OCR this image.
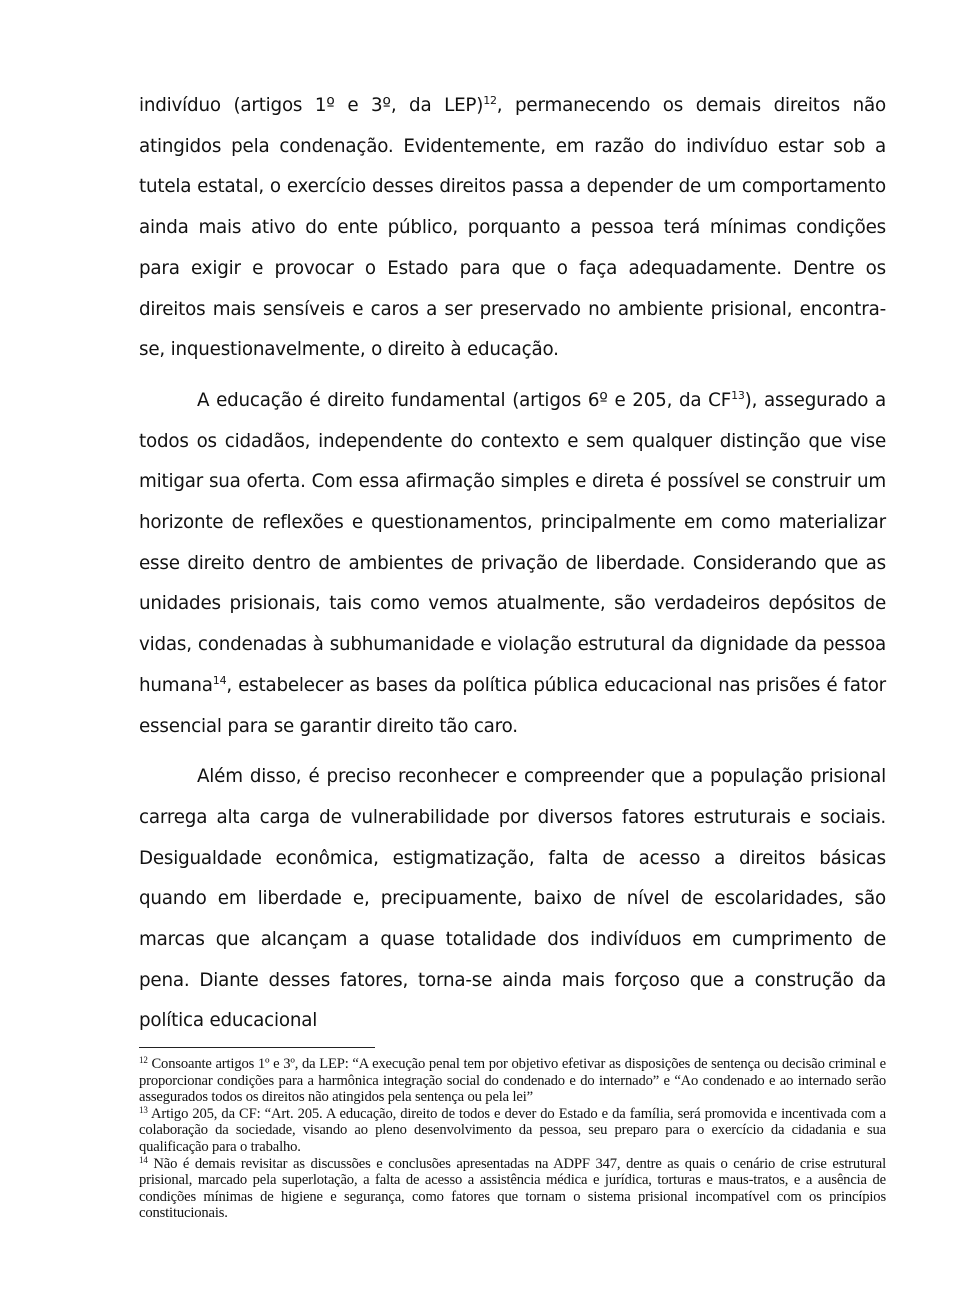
indivíduo (artigos 1º e 3º, da LEP)$^{12}$, permanecendo os demais direitos não atingidos pela condenação. Evidentemente, em razão do indivíduo estar sob a tutela estatal, o exercício desses direitos passa a depender de um comportamento ainda mais ativo do ente público, porquanto a pessoa terá mínimas condições para exigir e provocar o Estado para que o faça adequadamente. Dentre os direitos mais sensíveis e caros a ser preservado no ambiente prisional, encontra-se, inquestionavelmente, o direito à educação.

A educação é direito fundamental (artigos 6º e 205, da CF$^{13}$), assegurado a todos os cidadãos, independente do contexto e sem qualquer distinção que vise mitigar sua oferta. Com essa afirmação simples e direta é possível se construir um horizonte de reflexões e questionamentos, principalmente em como materializar esse direito dentro de ambientes de privação de liberdade. Considerando que as unidades prisionais, tais como vemos atualmente, são verdadeiros depósitos de vidas, condenadas à subhumanidade e violação estrutural da dignidade da pessoa humana$^{14}$, estabelecer as bases da política pública educacional nas prisões é fator essencial para se garantir direito tão caro.

Além disso, é preciso reconhecer e compreender que a população prisional carrega alta carga de vulnerabilidade por diversos fatores estruturais e sociais. Desigualdade econômica, estigmatização, falta de acesso a direitos básicas quando em liberdade e, precipuamente, baixo de nível de escolaridades, são marcas que alcançam a quase totalidade dos indivíduos em cumprimento de pena. Diante desses fatores, torna-se ainda mais forçoso que a construção da política educacional

$^{12}$ Consoante artigos 1º e 3º, da LEP: “A execução penal tem por objetivo efetivar as disposições de sentença ou decisão criminal e proporcionar condições para a harmônica integração social do condenado e do internado” e “Ao condenado e ao internado serão assegurados todos os direitos não atingidos pela sentença ou pela lei”

$^{13}$ Artigo 205, da CF: “Art. 205. A educação, direito de todos e dever do Estado e da família, será promovida e incentivada com a colaboração da sociedade, visando ao pleno desenvolvimento da pessoa, seu preparo para o exercício da cidadania e sua qualificação para o trabalho.

$^{14}$ Não é demais revisitar as discussões e conclusões apresentadas na ADPF 347, dentre as quais o cenário de crise estrutural prisional, marcado pela superlotação, a falta de acesso a assistência médica e jurídica, torturas e maus-tratos, e a ausência de condições mínimas de higiene e segurança, como fatores que tornam o sistema prisional incompatível com os princípios constitucionais.
